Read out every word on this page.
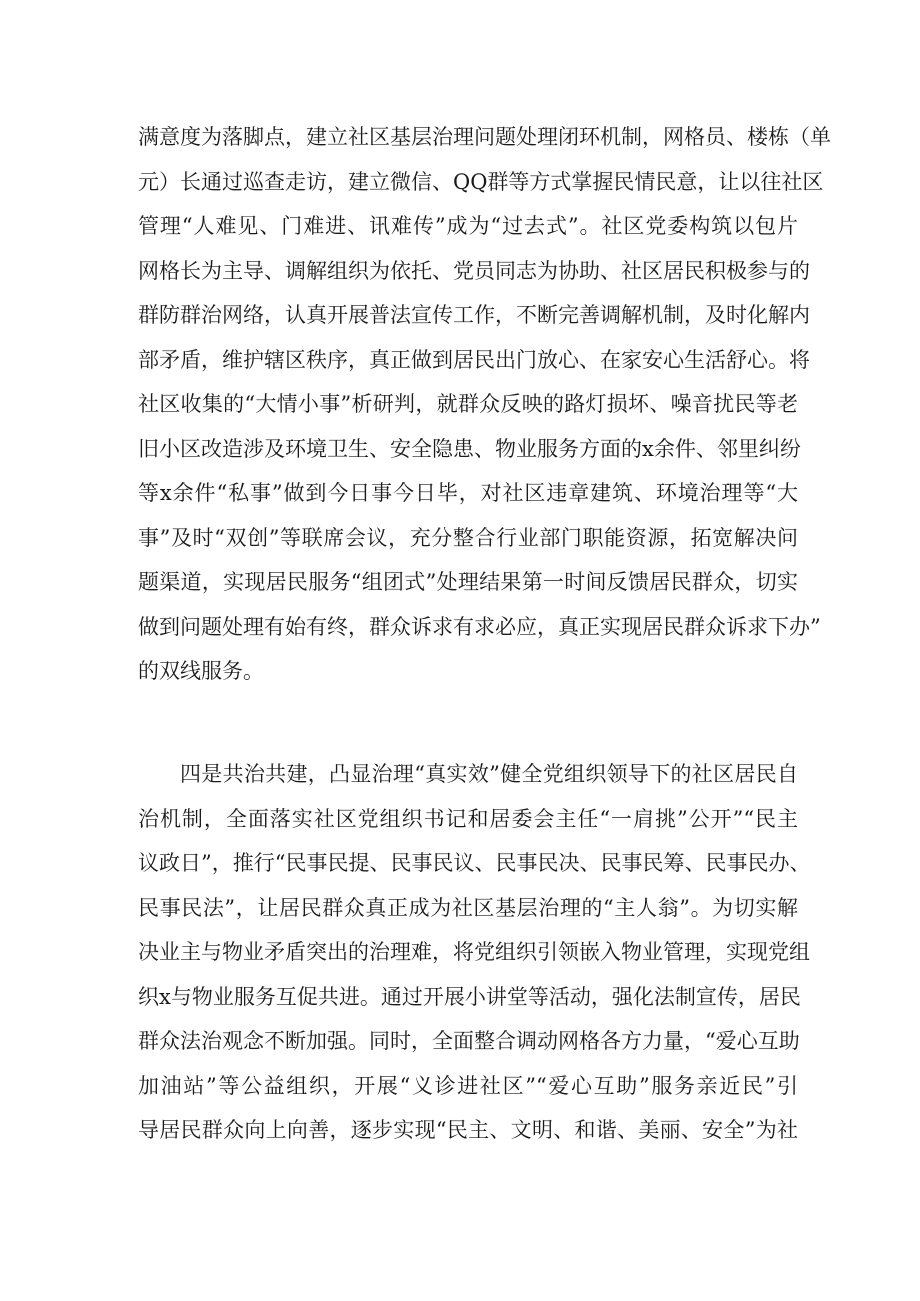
满意度为落脚点，建立社区基层治理问题处理闭环机制，网格员、楼栋（单
元）长通过巡查走访，建立微信、QQ群等方式掌握民情民意，让以往社区
管理“人难见、门难进、讯难传”成为“过去式”。社区党委构筑以包片
网格长为主导、调解组织为依托、党员同志为协助、社区居民积极参与的
群防群治网络，认真开展普法宣传工作，不断完善调解机制，及时化解内
部矛盾，维护辖区秩序，真正做到居民出门放心、在家安心生活舒心。将
社区收集的“大情小事”析研判，就群众反映的路灯损坏、噪音扰民等老
旧小区改造涉及环境卫生、安全隐患、物业服务方面的x余件、邻里纠纷
等x余件“私事”做到今日事今日毕，对社区违章建筑、环境治理等“大
事”及时“双创”等联席会议，充分整合行业部门职能资源，拓宽解决问
题渠道，实现居民服务“组团式”处理结果第一时间反馈居民群众，切实
做到问题处理有始有终，群众诉求有求必应，真正实现居民群众诉求下办”
的双线服务。
四是共治共建，凸显治理“真实效”健全党组织领导下的社区居民自
治机制，全面落实社区党组织书记和居委会主任“一肩挑”公开”“民主
议政日”，推行“民事民提、民事民议、民事民决、民事民筹、民事民办、
民事民法”，让居民群众真正成为社区基层治理的“主人翁”。为切实解
决业主与物业矛盾突出的治理难，将党组织引领嵌入物业管理，实现党组
织x与物业服务互促共进。通过开展小讲堂等活动，强化法制宣传，居民
群众法治观念不断加强。同时，全面整合调动网格各方力量，“爱心互助
加油站”等公益组织，开展“义诊进社区”“爱心互助”服务亲近民”引
导居民群众向上向善，逐步实现“民主、文明、和谐、美丽、安全”为社
